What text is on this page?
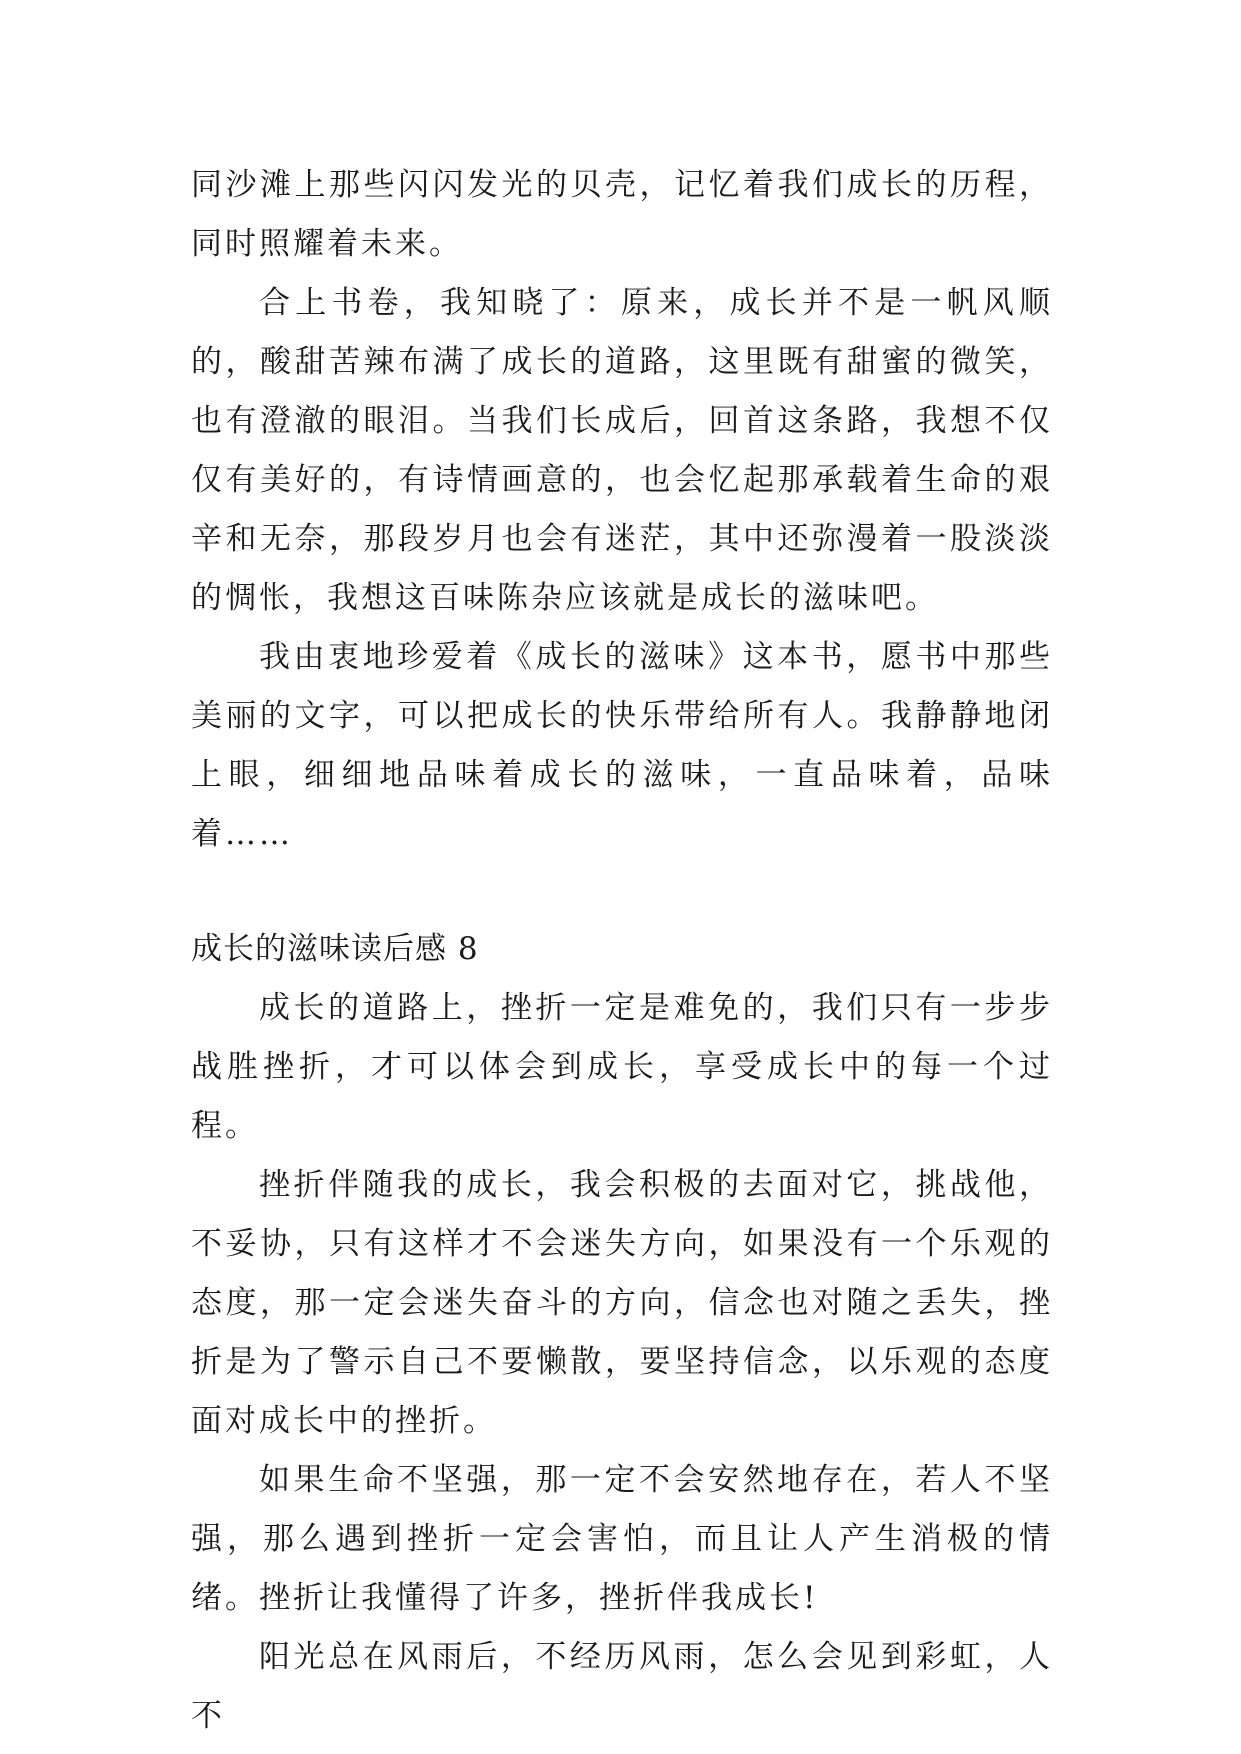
同沙滩上那些闪闪发光的贝壳，记忆着我们成长的历程，同时照耀着未来。

合上书卷，我知晓了：原来，成长并不是一帆风顺的，酸甜苦辣布满了成长的道路，这里既有甜蜜的微笑，也有澄澈的眼泪。当我们长成后，回首这条路，我想不仅仅有美好的，有诗情画意的，也会忆起那承载着生命的艰辛和无奈，那段岁月也会有迷茫，其中还弥漫着一股淡淡的惆怅，我想这百味陈杂应该就是成长的滋味吧。

我由衷地珍爱着《成长的滋味》这本书，愿书中那些美丽的文字，可以把成长的快乐带给所有人。我静静地闭上眼，细细地品味着成长的滋味，一直品味着，品味着……

成长的滋味读后感 8

成长的道路上，挫折一定是难免的，我们只有一步步战胜挫折，才可以体会到成长，享受成长中的每一个过程。

挫折伴随我的成长，我会积极的去面对它，挑战他，不妥协，只有这样才不会迷失方向，如果没有一个乐观的态度，那一定会迷失奋斗的方向，信念也对随之丢失，挫折是为了警示自己不要懒散，要坚持信念，以乐观的态度面对成长中的挫折。

如果生命不坚强，那一定不会安然地存在，若人不坚强，那么遇到挫折一定会害怕，而且让人产生消极的情绪。挫折让我懂得了许多，挫折伴我成长!

阳光总在风雨后，不经历风雨，怎么会见到彩虹，人不
